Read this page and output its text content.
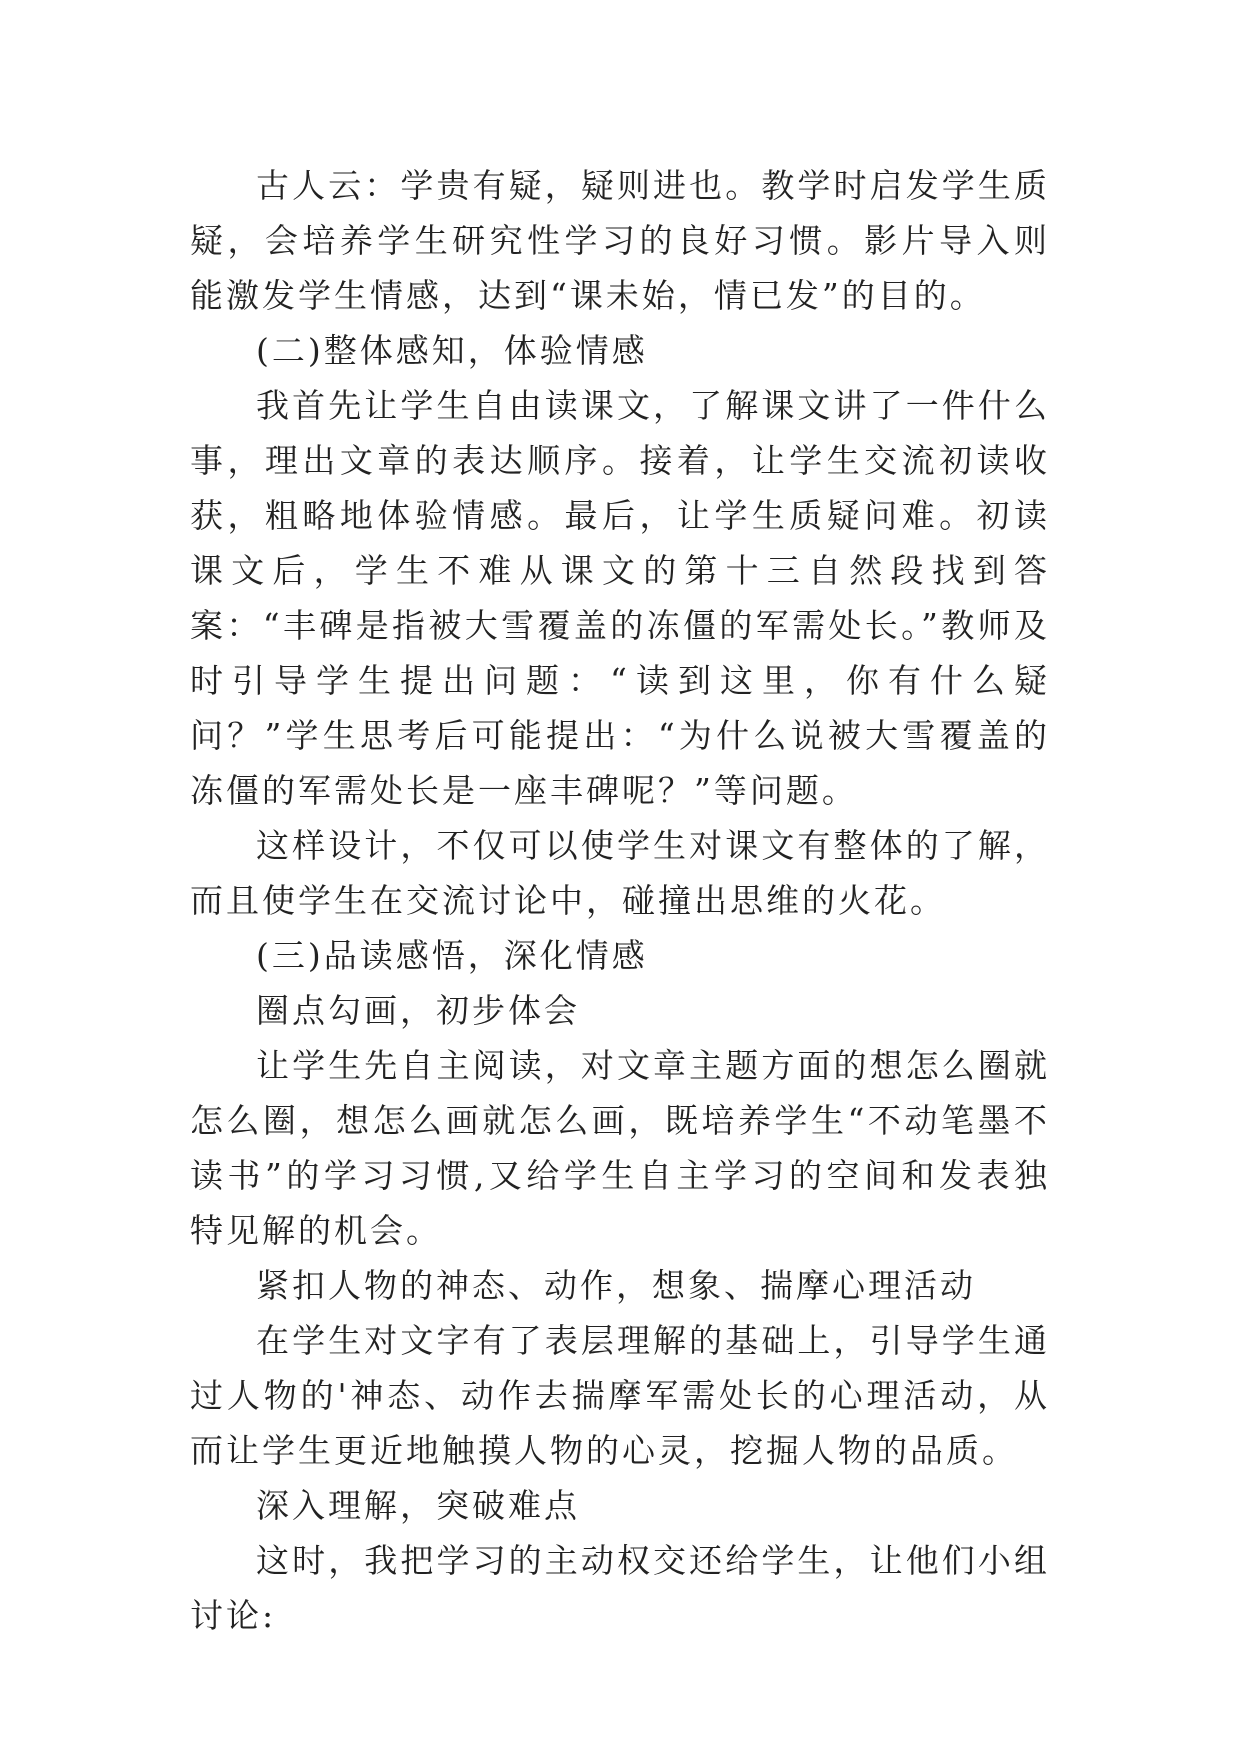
古人云：学贵有疑，疑则进也。教学时启发学生质疑，会培养学生研究性学习的良好习惯。影片导入则能激发学生情感，达到“课未始，情已发”的目的。

(二)整体感知，体验情感

我首先让学生自由读课文，了解课文讲了一件什么事，理出文章的表达顺序。接着，让学生交流初读收获，粗略地体验情感。最后，让学生质疑问难。初读课文后，学生不难从课文的第十三自然段找到答案：“丰碑是指被大雪覆盖的冻僵的军需处长。”教师及时引导学生提出问题：“读到这里，你有什么疑问？”学生思考后可能提出：“为什么说被大雪覆盖的冻僵的军需处长是一座丰碑呢？”等问题。

这样设计，不仅可以使学生对课文有整体的了解，而且使学生在交流讨论中，碰撞出思维的火花。

(三)品读感悟，深化情感

圈点勾画，初步体会

让学生先自主阅读，对文章主题方面的想怎么圈就怎么圈，想怎么画就怎么画，既培养学生“不动笔墨不读书”的学习习惯,又给学生自主学习的空间和发表独特见解的机会。

紧扣人物的神态、动作，想象、揣摩心理活动

在学生对文字有了表层理解的基础上，引导学生通过人物的'神态、动作去揣摩军需处长的心理活动，从而让学生更近地触摸人物的心灵，挖掘人物的品质。

深入理解，突破难点

这时，我把学习的主动权交还给学生，让他们小组讨论:
